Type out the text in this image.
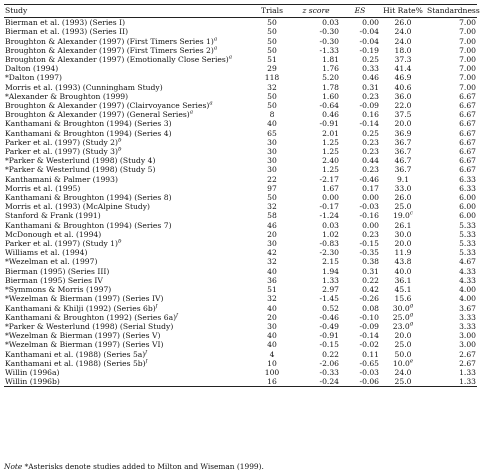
Study	Trials	z score	ES	Hit Rate%	Standardness
Bierman et al. (1993) (Series I)	50	0.03	0.00	26.0	7.00
Bierman et al. (1993) (Series II)	50	-0.30	-0.04	24.0	7.00
Broughton & Alexander (1997) (First Timers Series 1)$^a$	50	-0.30	-0.04	24.0	7.00
Broughton & Alexander (1997) (First Timers Series 2)$^a$	50	-1.33	-0.19	18.0	7.00
Broughton & Alexander (1997) (Emotionally Close Series)$^a$	51	1.81	0.25	37.3	7.00
Dalton (1994)	29	1.76	0.33	41.4	7.00
*Dalton (1997)	118	5.20	0.46	46.9	7.00
Morris et al. (1993) (Cunningham Study)	32	1.78	0.31	40.6	7.00
*Alexander & Broughton (1999)	50	1.60	0.23	36.0	6.67
Broughton & Alexander (1997) (Clairvoyance Series)$^a$	50	-0.64	-0.09	22.0	6.67
Broughton & Alexander (1997) (General Series)$^a$	8	0.46	0.16	37.5	6.67
Kanthamani & Broughton (1994) (Series 3)	40	-0.91	-0.14	20.0	6.67
Kanthamani & Broughton (1994) (Series 4)	65	2.01	0.25	36.9	6.67
Parker et al. (1997) (Study 2)$^b$	30	1.25	0.23	36.7	6.67
Parker et al. (1997) (Study 3)$^b$	30	1.25	0.23	36.7	6.67
*Parker & Westerlund (1998) (Study 4)	30	2.40	0.44	46.7	6.67
*Parker & Westerlund (1998) (Study 5)	30	1.25	0.23	36.7	6.67
Kanthamani & Palmer (1993)	22	-2.17	-0.46	9.1	6.33
Morris et al. (1995)	97	1.67	0.17	33.0	6.33
Kanthamani & Broughton (1994) (Series 8)	50	0.00	0.00	26.0	6.00
Morris et al. (1993) (McAlpine Study)	32	-0.17	-0.03	25.0	6.00
Stanford & Frank (1991)	58	-1.24	-0.16	19.0$^c$	6.00
Kanthamani & Broughton (1994) (Series 7)	46	0.03	0.00	26.1	5.33
McDonough et al. (1994)	20	1.02	0.23	30.0	5.33
Parker et al. (1997) (Study 1)$^b$	30	-0.83	-0.15	20.0	5.33
Williams et al. (1994)	42	-2.30	-0.35	11.9	5.33
*Wezelman et al. (1997)	32	2.15	0.38	43.8	4.67
Bierman (1995) (Series III)	40	1.94	0.31	40.0	4.33
Bierman (1995) Series IV	36	1.33	0.22	36.1	4.33
*Symmons & Morris (1997)	51	2.97	0.42	45.1	4.00
*Wezelman & Bierman (1997) (Series IV)	32	-1.45	-0.26	15.6	4.00
Kanthamani & Khilji (1992) (Series 6b)$^f$	40	0.52	0.08	30.0$^d$	3.67
Kanthamani & Broughton (1992) (Series 6a)$^f$	20	-0.46	-0.10	25.0$^d$	3.33
*Parker & Westerlund (1998) (Serial Study)	30	-0.49	-0.09	23.0$^d$	3.33
*Wezelman & Bierman (1997) (Series V)	40	-0.91	-0.14	20.0	3.00
*Wezelman & Bierman (1997) (Series VI)	40	-0.15	-0.02	25.0	3.00
Kanthamani et al. (1988) (Series 5a)$^f$	4	0.22	0.11	50.0	2.67
Kanthamani et al. (1988) (Series 5b)$^f$	10	-2.06	-0.65	10.0e	2.67
Willin (1996a)	100	-0.33	-0.03	24.0	1.33
Willin (1996b)	16	-0.24	-0.06	25.0	1.33
Note *Asterisks denote studies added to Milton and Wiseman (1999).
